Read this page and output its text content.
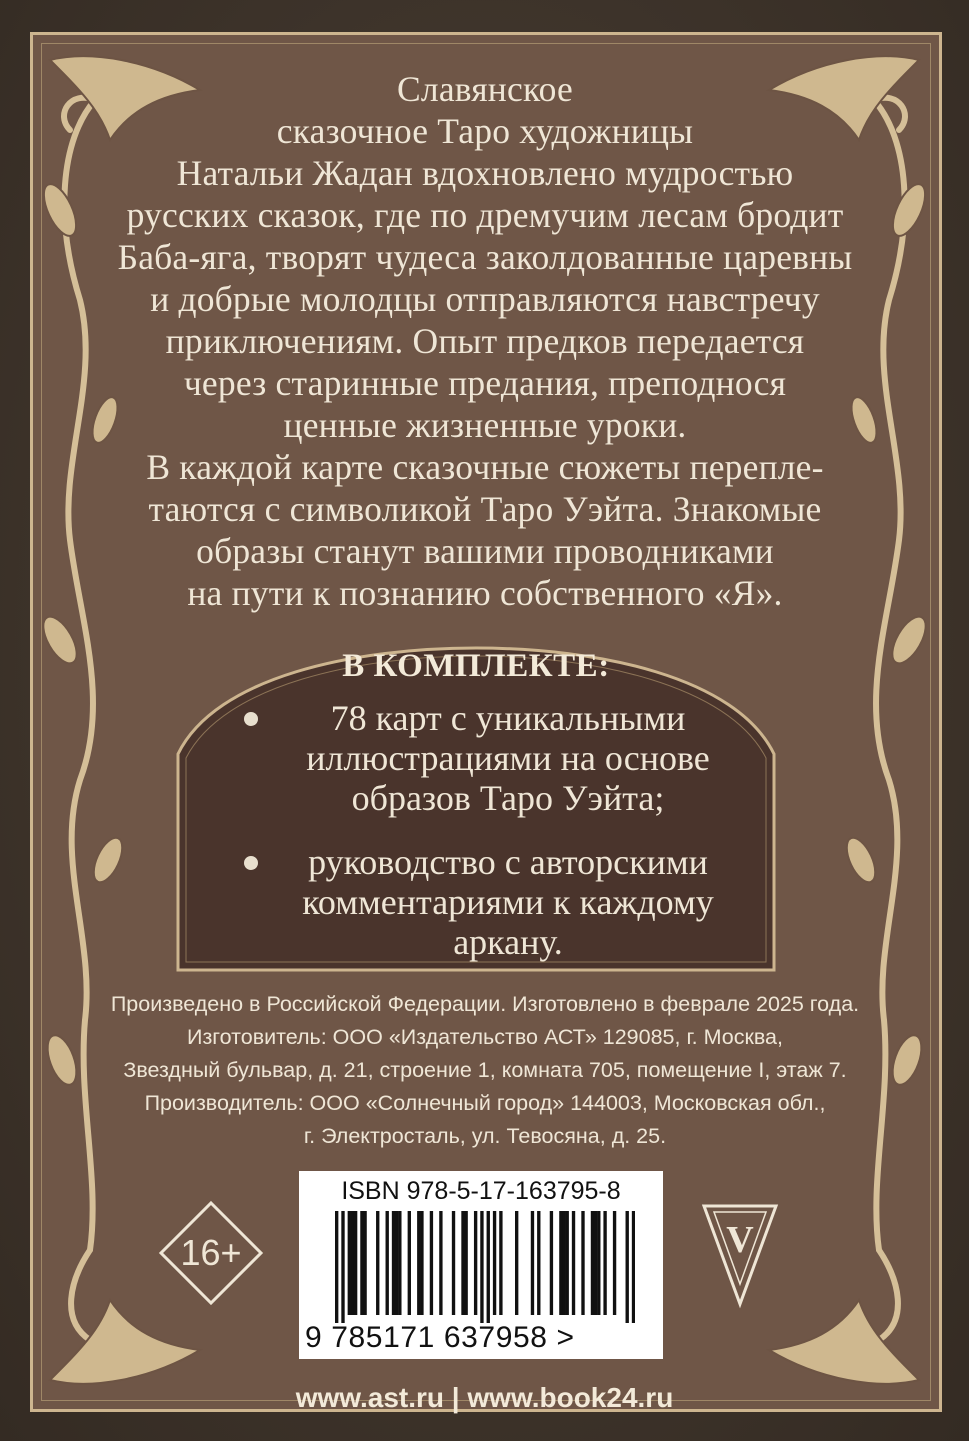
Славянское
сказочное Таро художницы
Натальи Жадан вдохновлено мудростью
русских сказок, где по дремучим лесам бродит
Баба-яга, творят чудеса заколдованные царевны
и добрые молодцы отправляются навстречу
приключениям. Опыт предков передается
через старинные предания, преподнося
ценные жизненные уроки.

В каждой карте сказочные сюжеты перепле-
таются с символикой Таро Уэйта. Знакомые
образы станут вашими проводниками
на пути к познанию собственного «Я».

В КОМПЛЕКТЕ:
78 карт с уникальными
иллюстрациями на основе
образов Таро Уэйта;
руководство с авторскими
комментариями к каждому
аркану.
Произведено в Российской Федерации. Изготовлено в феврале 2025 года.
Изготовитель: ООО «Издательство АСТ» 129085, г. Москва,
Звездный бульвар, д. 21, строение 1, комната 705, помещение I, этаж 7.
Производитель: ООО «Солнечный город» 144003, Московская обл.,
г. Электросталь, ул. Тевосяна, д. 25.
16+
ISBN 978-5-17-163795-8
9 785171 637958 >
V
www.ast.ru | www.book24.ru
